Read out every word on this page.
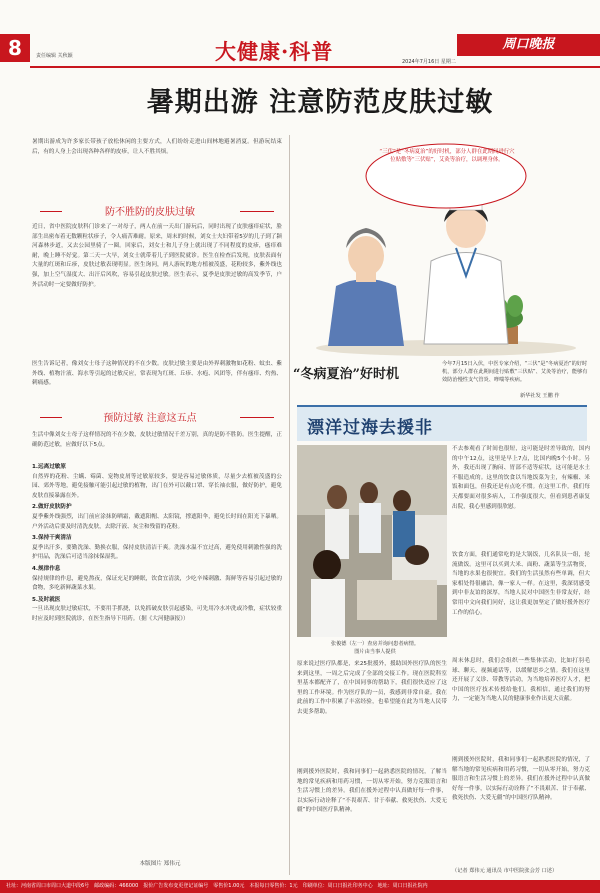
8	责任编辑 关秋颖	大健康·科普	周口晚报
2024年7月16日 星期二
暑期出游 注意防范皮肤过敏
暑期出游成为许多家长带孩子放松休闲的主要方式，人们纷纷走进山间林地避暑消夏。但游玩结束后，有的人身上会出现各种各样的皮疹，让人不胜其烦。
防不胜防的皮肤过敏
近日，省中医院皮肤科门诊来了一对母子，两人在前一天出门游玩后，同时出现了皮肤瘙痒症状，脸部生出密布着无数颗粒状疹子，令人痛苦难耐。原来，周末的时候，刘女士夫妇带着5岁的儿子到了颍河森林步道，又去公园里骑了一圈。回家后，刘女士和儿子身上就出现了不同程度的皮疹，瘙痒难耐，晚上睡不好觉。第二天一大早，刘女士就带着儿子到医院就诊。医生在检查后发现，皮肤表面有大量的红斑和丘疹，皮肤过敏表现明显。医生询问，两人游玩的地方植被茂盛，花粉较多，紫外线也强，加上空气湿度大、出汗后风吹，容易引起皮肤过敏。医生表示，夏季是皮肤过敏的高发季节，户外活动时一定要做好防护。
医生告诉记者，像刘女士母子这种情况的不在少数。皮肤过敏主要是由外界刺激物如花粉、蚊虫、紫外线、植物汁液、海水等引起的过敏反应，常表现为红斑、丘疹、水疱、风团等，伴有瘙痒、灼热、刺痛感。
预防过敏 注意这五点
生活中像刘女士母子这样情况的不在少数，皮肤过敏情况千差万别，真的是防不胜防。医生提醒，正确防范过敏，应做好以下5点。
1.远离过敏原
自然界的花粉、尘螨、霉菌、宠物皮屑等过敏原较多，要是容易过敏体质，尽量少去植被茂盛的公园、郊外等地，避免接触可能引起过敏的植物，出门在外可以戴口罩、穿长袖衣服，做好防护，避免皮肤直接暴露在外。
2.做好皮肤防护
夏季紫外线强烈，出门前应涂抹防晒霜，戴遮阳帽、太阳镜，撑遮阳伞，避免长时间在阳光下暴晒。户外活动后要及时清洗皮肤，去除汗液、灰尘和残留的花粉。
3.保持干爽清洁
夏季出汗多，要勤洗澡、勤换衣服，保持皮肤清洁干爽。洗澡水温不宜过高，避免使用刺激性强的洗护用品，洗澡后可适当涂抹保湿乳。
4.规律作息
保持规律的作息，避免熬夜，保证充足的睡眠，饮食宜清淡，少吃辛辣刺激、海鲜等容易引起过敏的食物，多吃新鲜蔬菜水果。
5.及时就医
一旦出现皮肤过敏症状，不要用手抓挠，以免抓破皮肤引起感染，可先用冷水冲洗或冷敷，症状较重时应及时到医院就诊，在医生指导下用药。（据《大河健康报》）
本版图片 郑伟元
“三伏”是“冬病夏治”的好时机，部分人群在此期间进行穴位贴敷等“三伏贴”，艾灸等治疗，以调理身体。
“冬病夏治”好时机
今年7月15日入伏，中医专家介绍，“三伏”是“冬病夏治”的好时机，部分人群在此期间进行贴敷“三伏贴”、艾灸等治疗，能够有效防治慢性支气管炎、哮喘等疾病。
新华社发 王鹏 作
漂洋过海去援非
张俊德（左一）查房并询问患者病情。
图片由当事人提供
不去参观看了时间也很短，这可能是时差导致的，国内的中午12点，这里是早上7点，比国内晚5个小时。另外，我还出现了胸闷、胃部不适等症状，这可能是水土不服造成的。这里的饮食以当地饭菜为主，有辣椒、米饭和面包，但我还是有点吃不惯。在这里工作，我们每天都要面对很多病人，工作强度很大，但看到患者康复出院，我心里感到很欣慰。
饮食方面，我们通常吃的是大锅饭，几名队员一组，轮流做饭。这里可以买到大米、面粉、蔬菜等生活物资，当地的水果也很便宜。我们的生活虽然有些单调，但大家相处得很融洽，像一家人一样。在这里，我深切感受到中非友谊的深厚，当地人民对中国医生非常友好，经常用中文向我们问好，这让我更加坚定了做好援外医疗工作的信心。
周末休息时，我们会组织一些集体活动，比如打羽毛球、聊天、视频通话等，以缓解思乡之情。我们在这里还开展了义诊、带教等活动，为当地培养医疗人才，把中国的医疗技术传授给他们。我相信，通过我们的努力，一定能为当地人民的健康事业作出更大贡献。
原来说过医疗队都是，来25批援外，援助国外医疗队的医生来到这里，一周之后完成了全部的交接工作。现在医院科室里基本都配齐了，在中国同事的帮助下，我们很快适应了这里的工作环境。作为医疗队的一员，我感到非常自豪。我在此前的工作中积累了丰富经验，也希望能在此为当地人民带去更多帮助。
刚到援外医院时，我和同事们一起熟悉医院的情况，了解当地的常见疾病和用药习惯，一切从零开始，努力克服语言和生活习惯上的差异。我们在援外过程中认真做好每一件事，以实际行动诠释了“不畏艰苦、甘于奉献、救死扶伤、大爱无疆”的中国医疗队精神。
刚到援外医院时，我和同事们一起熟悉医院的情况，了解当地的常见疾病和用药习惯，一切从零开始，努力克服语言和生活习惯上的差异。我们在援外过程中认真做好每一件事，以实际行动诠释了“不畏艰苦、甘于奉献、救死扶伤、大爱无疆”的中国医疗队精神。
（记者 郑伟元 通讯员 市中医院张会芳 口述）
社址：河南省周口市周口大道中段6号　邮政编码：466000　报价广告发布变更登记证编号　零售价1.00元　本报每日零售价：1元　印刷单位：周口日报社印务中心　地址：周口日报社院内
